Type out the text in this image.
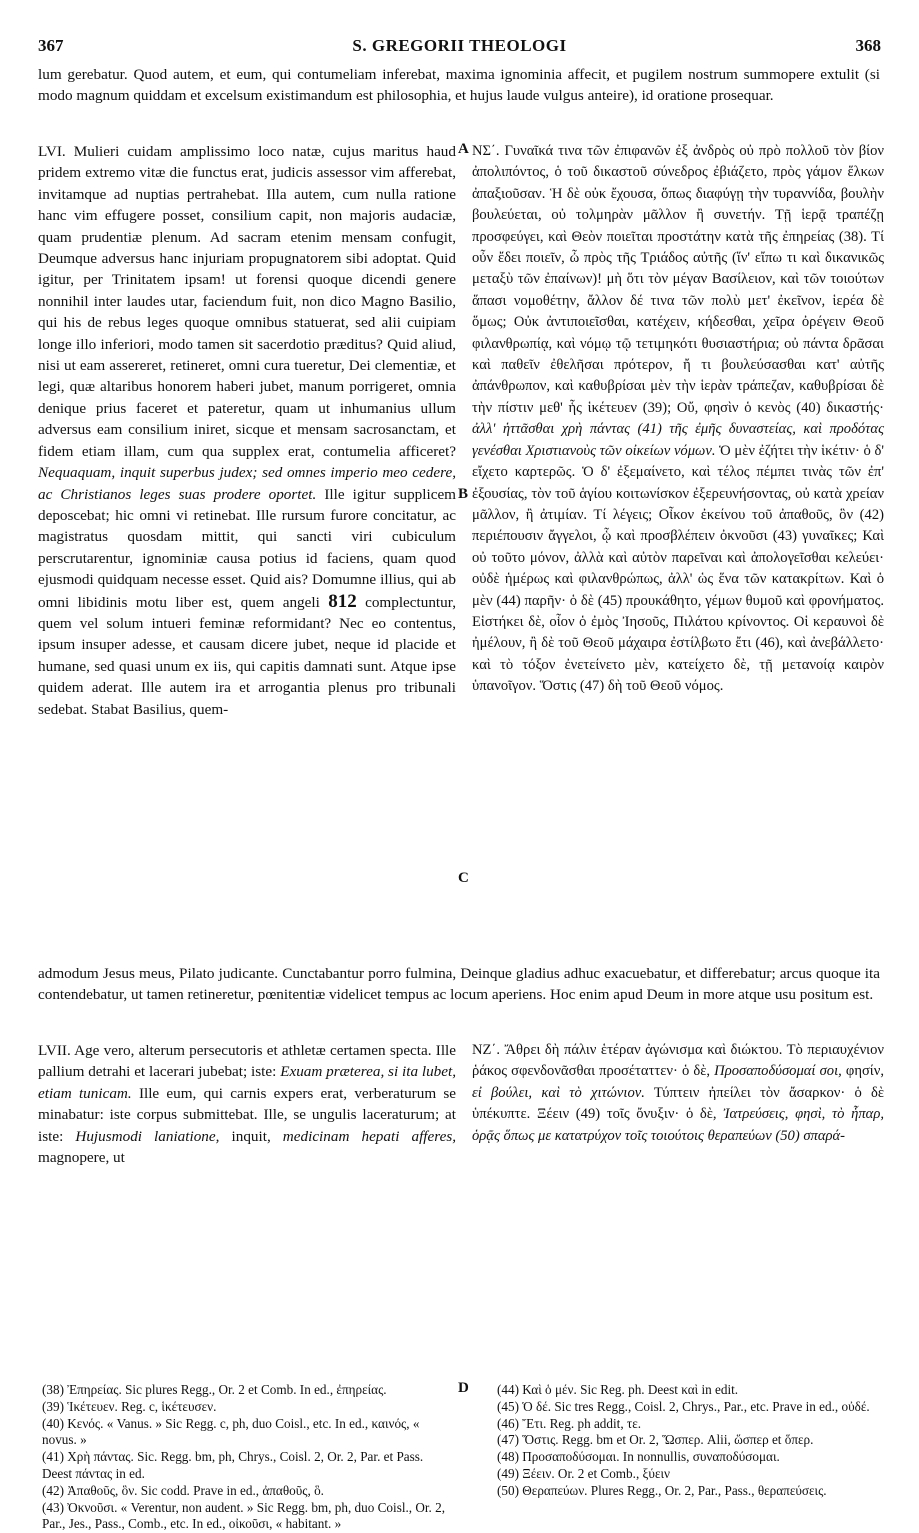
367	S. GREGORII THEOLOGI	368
lum gerebatur. Quod autem, et eum, qui contumeliam inferebat, maxima ignominia affecit, et pugilem nostrum summopere extulit (si modo magnum quiddam et excelsum existimandum est philosophia, et hujus laude vulgus anteire), id oratione prosequar.
LVI. Mulieri cuidam amplissimo loco natæ, cujus maritus haud pridem extremo vitæ die functus erat, judicis assessor vim afferebat, invitamque ad nuptias pertrahebat. Illa autem, cum nulla ratione hanc vim effugere posset, consilium capit, non majoris audaciæ, quam prudentiæ plenum. Ad sacram etenim mensam confugit, Deumque adversus hanc injuriam propugnatorem sibi adoptat. Quid igitur, per Trinitatem ipsam! ut forensi quoque dicendi genere nonnihil inter laudes utar, faciendum fuit, non dico Magno Basilio, qui his de rebus leges quoque omnibus statuerat, sed alii cuipiam longe illo inferiori, modo tamen sit sacerdotio præditus? Quid aliud, nisi ut eam assereret, retineret, omni cura tueretur, Dei clementiæ, et legi, quæ altaribus honorem haberi jubet, manum porrigeret, omnia denique prius faceret et pateretur, quam ut inhumanius ullum adversus eam consilium iniret, sicque et mensam sacrosanctam, et fidem etiam illam, cum qua supplex erat, contumelia afficeret? Nequaquam, inquit superbus judex; sed omnes imperio meo cedere, ac Christianos leges suas prodere oportet. Ille igitur supplicem deposcebat; hic omni vi retinebat. Ille rursum furore concitatur, ac magistratus quosdam mittit, qui sancti viri cubiculum perscrutarentur, ignominiæ causa potius id faciens, quam quod ejusmodi quidquam necesse esset. Quid ais? Domumne illius, qui ab omni libidinis motu liber est, quem angeli 812 complectuntur, quem vel solum intueri feminæ reformidant? Nec eo contentus, ipsum insuper adesse, et causam dicere jubet, neque id placide et humane, sed quasi unum ex iis, qui capitis damnati sunt. Atque ipse quidem aderat. Ille autem ira et arrogantia plenus pro tribunali sedebat. Stabat Basilius, quem-
ΝΣ΄. Γυναῖκά τινα τῶν ἐπιφανῶν ἐξ ἀνδρὸς οὐ πρὸ πολλοῦ τὸν βίον ἀπολιπόντος, ὁ τοῦ δικαστοῦ σύνεδρος ἐβιάζετο, πρὸς γάμον ἕλκων ἀπαξιοῦσαν. Ἡ δὲ οὐκ ἔχουσα, ὅπως διαφύγῃ τὴν τυραννίδα, βουλὴν βουλεύεται, οὐ τολμηρὰν μᾶλλον ἢ συνετήν. Τῇ ἱερᾷ τραπέζῃ προσφεύγει, καὶ Θεὸν ποιεῖται προστάτην κατὰ τῆς ἐπηρείας (38). Τί οὖν ἔδει ποιεῖν, ὦ πρὸς τῆς Τριάδος αὐτῆς (ἵν' εἴπω τι καὶ δικανικῶς μεταξὺ τῶν ἐπαίνων)! μὴ ὅτι τὸν μέγαν Βασίλειον, καὶ τῶν τοιούτων ἅπασι νομοθέτην, ἄλλον δέ τινα τῶν πολὺ μετ' ἐκεῖνον, ἱερέα δὲ ὅμως; Οὐκ ἀντιποιεῖσθαι, κατέχειν, κήδεσθαι, χεῖρα ὀρέγειν Θεοῦ φιλανθρωπίᾳ, καὶ νόμῳ τῷ τετιμηκότι θυσιαστήρια; οὐ πάντα δρᾶσαι καὶ παθεῖν ἐθελῆσαι πρότερον, ἤ τι βουλεύσασθαι κατ' αὐτῆς ἀπάνθρωπον, καὶ καθυβρίσαι μὲν τὴν ἱερὰν τράπεζαν, καθυβρίσαι δὲ τὴν πίστιν μεθ' ἧς ἱκέτευεν (39); Οὔ, φησὶν ὁ κενὸς (40) δικαστής· ἀλλ' ἡττᾶσθαι χρὴ πάντας (41) τῆς ἐμῆς δυναστείας, καὶ προδότας γενέσθαι Χριστιανοὺς τῶν οἰκείων νόμων. Ὁ μὲν ἐζήτει τὴν ἱκέτιν· ὁ δ' εἴχετο καρτερῶς. Ὁ δ' ἐξεμαίνετο, καὶ τέλος πέμπει τινὰς τῶν ἐπ' ἐξουσίας, τὸν τοῦ ἁγίου κοιτωνίσκον ἐξερευνήσοντας, οὐ κατὰ χρείαν μᾶλλον, ἢ ἀτιμίαν. Τί λέγεις; Οἶκον ἐκείνου τοῦ ἀπαθοῦς, ὃν (42) περιέπουσιν ἄγγελοι, ᾧ καὶ προσβλέπειν ὀκνοῦσι (43) γυναῖκες; Καὶ οὐ τοῦτο μόνον, ἀλλὰ καὶ αὐτὸν παρεῖναι καὶ ἀπολογεῖσθαι κελεύει· οὐδὲ ἡμέρως καὶ φιλανθρώπως, ἀλλ' ὡς ἕνα τῶν κατακρίτων. Καὶ ὁ μὲν (44) παρῆν· ὁ δὲ (45) προυκάθητο, γέμων θυμοῦ καὶ φρονήματος. Εἱστήκει δὲ, οἷον ὁ ἐμὸς Ἰησοῦς, Πιλάτου κρίνοντος. Οἱ κεραυνοὶ δὲ ἠμέλουν, ἢ δὲ τοῦ Θεοῦ μάχαιρα ἐστίλβωτο ἔτι (46), καὶ ἀνεβάλλετο· καὶ τὸ τόξον ἐνετείνετο μὲν, κατείχετο δὲ, τῇ μετανοίᾳ καιρὸν ὑπανοῖγον. Ὅστις (47) δὴ τοῦ Θεοῦ νόμος.
A
B
C
D
admodum Jesus meus, Pilato judicante. Cunctabantur porro fulmina, Deinque gladius adhuc exacuebatur, et differebatur; arcus quoque ita contendebatur, ut tamen retineretur, pœnitentiæ videlicet tempus ac locum aperiens. Hoc enim apud Deum in more atque usu positum est.
LVII. Age vero, alterum persecutoris et athletæ certamen specta. Ille pallium detrahi et lacerari jubebat; iste: Exuam præterea, si ita lubet, etiam tunicam. Ille eum, qui carnis expers erat, verberaturum se minabatur: iste corpus submittebat. Ille, se ungulis laceraturum; at iste: Hujusmodi laniatione, inquit, medicinam hepati afferes, magnopere, ut
ΝΖ΄. Ἄθρει δὴ πάλιν ἑτέραν ἀγώνισμα καὶ διώκτου. Τὸ περιαυχένιον ῥάκος σφενδονᾶσθαι προσέταττεν· ὁ δὲ, Προσαποδύσομαί σοι, φησίν, εἰ βούλει, καὶ τὸ χιτώνιον. Τύπτειν ἠπείλει τὸν ἄσαρκον· ὁ δὲ ὑπέκυπτε. Ξέειν (49) τοῖς ὄνυξιν· ὁ δὲ, Ἰατρεύσεις, φησὶ, τὸ ἧπαρ, ὁρᾷς ὅπως με κατατρύχον τοῖς τοιούτοις θεραπεύων (50) σπαρά-

(38) Ἐπηρείας. Sic plures Regg., Or. 2 et Comb. In ed., ἐπηρείας.

(39) Ἱκέτευεν. Reg. c, ἱκέτευσεν.

(40) Κενός. « Vanus. » Sic Regg. c, ph, duo Coisl., etc. In ed., καινός, « novus. »

(41) Χρὴ πάντας. Sic. Regg. bm, ph, Chrys., Coisl. 2, Or. 2, Par. et Pass. Deest πάντας in ed.

(42) Ἀπαθοῦς, ὃν. Sic codd. Prave in ed., ἀπαθοῦς, ὃ.

(43) Ὀκνοῦσι. « Verentur, non audent. » Sic Regg. bm, ph, duo Coisl., Or. 2, Par., Jes., Pass., Comb., etc. In ed., οἰκοῦσι, « habitant. »

(44) Καὶ ὁ μέν. Sic Reg. ph. Deest καὶ in edit.

(45) Ὁ δέ. Sic tres Regg., Coisl. 2, Chrys., Par., etc. Prave in ed., οὐδέ.

(46) Ἔτι. Reg. ph addit, τε.

(47) Ὅστις. Regg. bm et Or. 2, Ὥσπερ. Alii, ὥσπερ et ὅπερ.

(48) Προσαποδύσομαι. In nonnullis, συναποδύσομαι.

(49) Ξέειν. Or. 2 et Comb., ξύειν

(50) Θεραπεύων. Plures Regg., Or. 2, Par., Pass., θεραπεύσεις.
